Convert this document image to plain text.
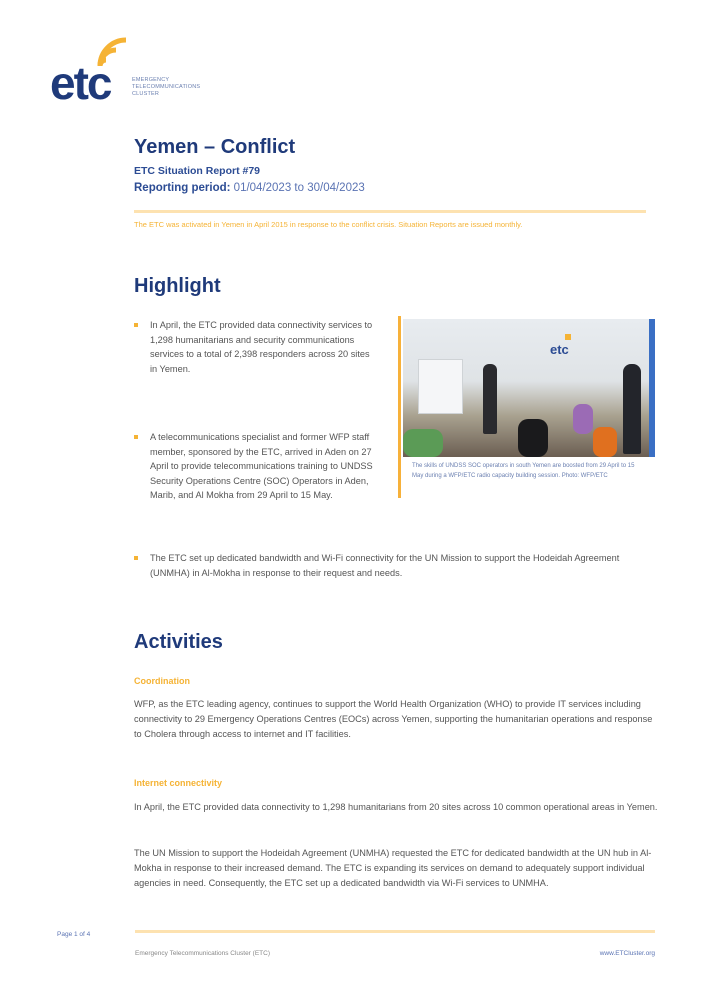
etc	EMERGENCY
TELECOMMUNICATIONS
CLUSTER
Yemen – Conflict
ETC Situation Report #79
Reporting period: 01/04/2023 to 30/04/2023
The ETC was activated in Yemen in April 2015 in response to the conflict crisis. Situation Reports are issued monthly.
Highlight
In April, the ETC provided data connectivity services to 1,298 humanitarians and security communications services to a total of 2,398 responders across 20 sites in Yemen.
A telecommunications specialist and former WFP staff member, sponsored by the ETC, arrived in Aden on 27 April to provide telecommunications training to UNDSS Security Operations Centre (SOC) Operators in Aden, Marib, and Al Mokha from 29 April to 15 May.
etc
The skills of UNDSS SOC operators in south Yemen are boosted from 29 April to 15 May during a WFP/ETC radio capacity building session. Photo: WFP/ETC
The ETC set up dedicated bandwidth and Wi-Fi connectivity for the UN Mission to support the Hodeidah Agreement (UNMHA) in Al-Mokha in response to their request and needs.
Activities
Coordination
WFP, as the ETC leading agency, continues to support the World Health Organization (WHO) to provide IT services including connectivity to 29 Emergency Operations Centres (EOCs) across Yemen, supporting the humanitarian operations and response to Cholera through access to internet and IT facilities.
Internet connectivity
In April, the ETC provided data connectivity to 1,298 humanitarians from 20 sites across 10 common operational areas in Yemen.
The UN Mission to support the Hodeidah Agreement (UNMHA) requested the ETC for dedicated bandwidth at the UN hub in Al-Mokha in response to their increased demand. The ETC is expanding its services on demand to adequately support individual agencies in need. Consequently, the ETC set up a dedicated bandwidth via Wi-Fi services to UNMHA.
Page 1 of 4
Emergency Telecommunications Cluster (ETC)	www.ETCluster.org
